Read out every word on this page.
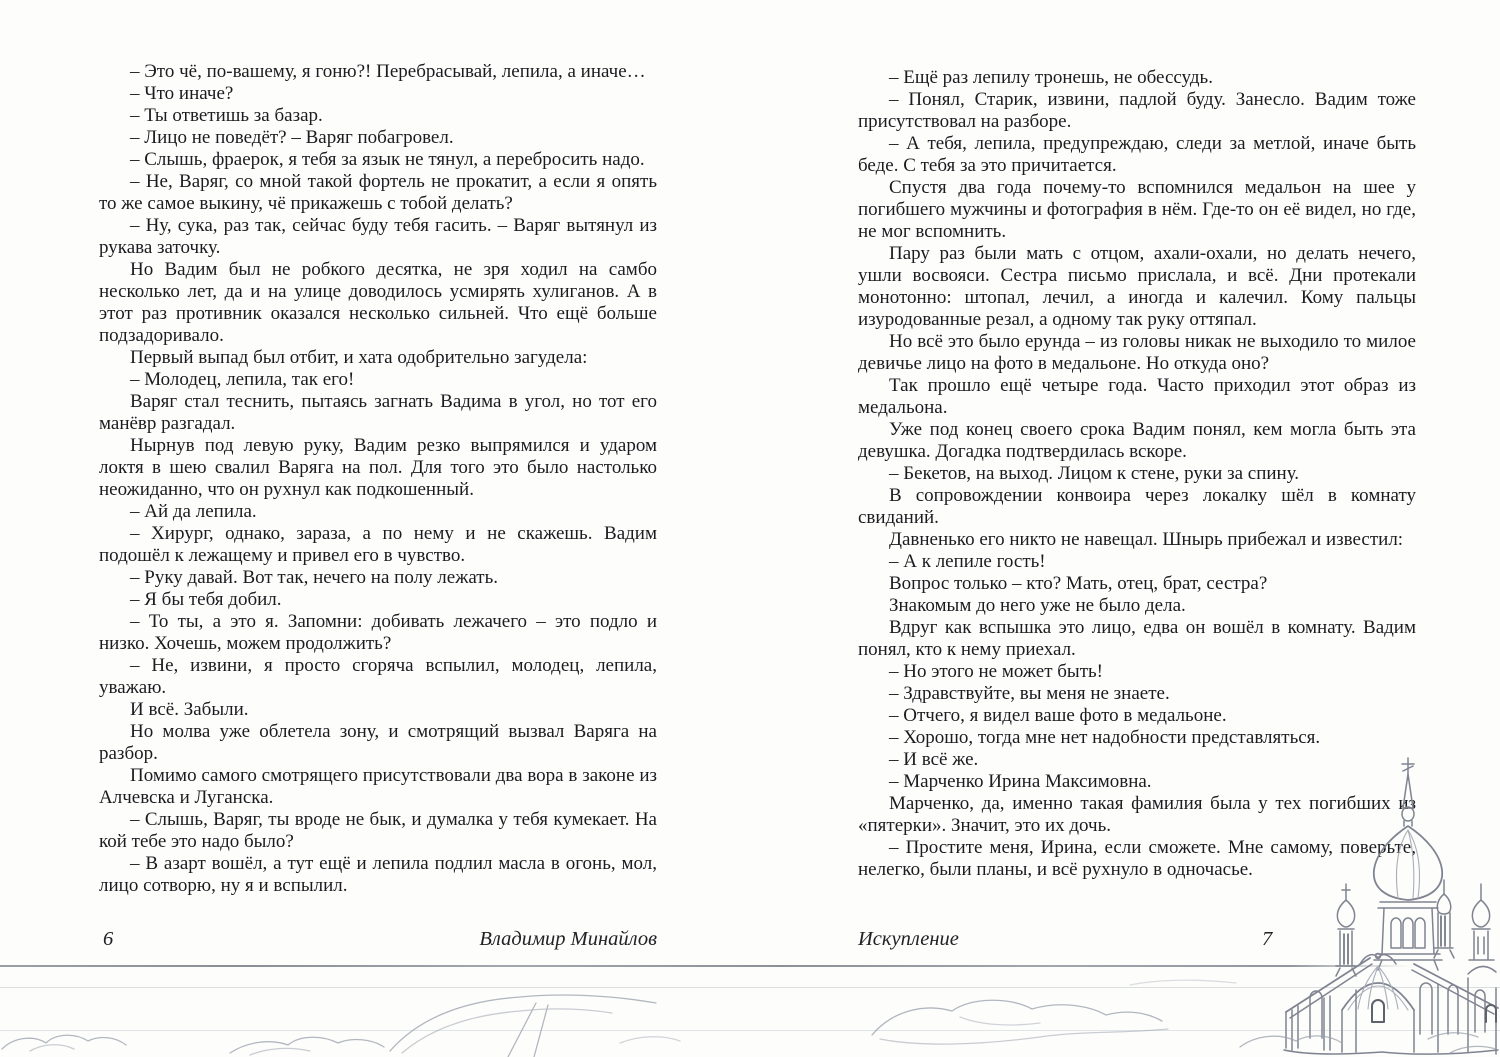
– Это чё, по-вашему, я гоню?! Перебрасывай, лепила, а иначе…

– Что иначе?

– Ты ответишь за базар.

– Лицо не поведёт? – Варяг побагровел.

– Слышь, фраерок, я тебя за язык не тянул, а перебросить надо.

– Не, Варяг, со мной такой фортель не прокатит, а если я опять то же самое выкину, чё прикажешь с тобой делать?

– Ну, сука, раз так, сейчас буду тебя гасить. – Варяг вытянул из рукава заточку.

Но Вадим был не робкого десятка, не зря ходил на самбо несколько лет, да и на улице доводилось усмирять хулиганов. А в этот раз противник оказался несколько сильней. Что ещё больше подзадоривало.

Первый выпад был отбит, и хата одобрительно загудела:

– Молодец, лепила, так его!

Варяг стал теснить, пытаясь загнать Вадима в угол, но тот его манёвр разгадал.

Нырнув под левую руку, Вадим резко выпрямился и ударом локтя в шею свалил Варяга на пол. Для того это было настолько неожиданно, что он рухнул как подкошенный.

– Ай да лепила.

– Хирург, однако, зараза, а по нему и не скажешь. Вадим подошёл к лежащему и привел его в чувство.

– Руку давай. Вот так, нечего на полу лежать.

– Я бы тебя добил.

– То ты, а это я. Запомни: добивать лежачего – это подло и низко. Хочешь, можем продолжить?

– Не, извини, я просто сгоряча вспылил, молодец, лепила, уважаю.

И всё. Забыли.

Но молва уже облетела зону, и смотрящий вызвал Варяга на разбор.

Помимо самого смотрящего присутствовали два вора в законе из Алчевска и Луганска.

– Слышь, Варяг, ты вроде не бык, и думалка у тебя кумекает. На кой тебе это надо было?

– В азарт вошёл, а тут ещё и лепила подлил масла в огонь, мол, лицо сотворю, ну я и вспылил.

6	Владимир Минайлов

– Ещё раз лепилу тронешь, не обессудь.

– Понял, Старик, извини, падлой буду. Занесло. Вадим тоже присутствовал на разборе.

– А тебя, лепила, предупреждаю, следи за метлой, иначе быть беде. С тебя за это причитается.

Спустя два года почему-то вспомнился медальон на шее у погибшего мужчины и фотография в нём. Где-то он её видел, но где, не мог вспомнить.

Пару раз были мать с отцом, ахали-охали, но делать нечего, ушли восвояси. Сестра письмо прислала, и всё. Дни протекали монотонно: штопал, лечил, а иногда и калечил. Кому пальцы изуродованные резал, а одному так руку оттяпал.

Но всё это было ерунда – из головы никак не выходило то милое девичье лицо на фото в медальоне. Но откуда оно?

Так прошло ещё четыре года. Часто приходил этот образ из медальона.

Уже под конец своего срока Вадим понял, кем могла быть эта девушка. Догадка подтвердилась вскоре.

– Бекетов, на выход. Лицом к стене, руки за спину.

В сопровождении конвоира через локалку шёл в комнату свиданий.

Давненько его никто не навещал. Шнырь прибежал и известил:

– А к лепиле гость!

Вопрос только – кто? Мать, отец, брат, сестра?

Знакомым до него уже не было дела.

Вдруг как вспышка это лицо, едва он вошёл в комнату. Вадим понял, кто к нему приехал.

– Но этого не может быть!

– Здравствуйте, вы меня не знаете.

– Отчего, я видел ваше фото в медальоне.

– Хорошо, тогда мне нет надобности представляться.

– И всё же.

– Марченко Ирина Максимовна.

Марченко, да, именно такая фамилия была у тех погибших из «пятерки». Значит, это их дочь.

– Простите меня, Ирина, если сможете. Мне самому, поверьте, нелегко, были планы, и всё рухнуло в одночасье.

Искупление	7
